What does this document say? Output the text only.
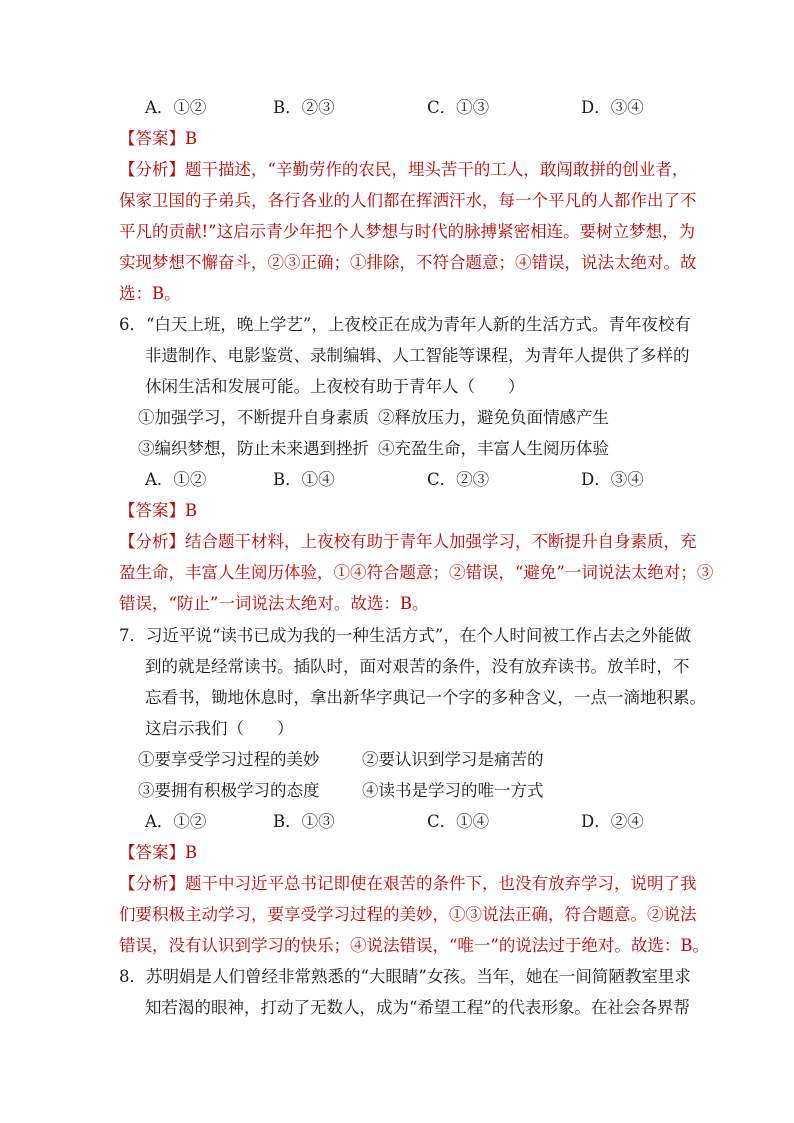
A．①②	B．②③	C．①③	D．③④
【答案】B
【分析】题干描述，“辛勤劳作的农民，埋头苦干的工人，敢闯敢拼的创业者，
保家卫国的子弟兵，各行各业的人们都在挥洒汗水，每一个平凡的人都作出了不
平凡的贡献!”这启示青少年把个人梦想与时代的脉搏紧密相连。要树立梦想，为
实现梦想不懈奋斗，②③正确；①排除，不符合题意；④错误，说法太绝对。故
选：B。
6．“白天上班，晚上学艺”，上夜校正在成为青年人新的生活方式。青年夜校有
非遗制作、电影鉴赏、录制编辑、人工智能等课程，为青年人提供了多样的
休闲生活和发展可能。上夜校有助于青年人（　　）
①加强学习，不断提升自身素质 ②释放压力，避免负面情感产生
③编织梦想，防止未来遇到挫折 ④充盈生命，丰富人生阅历体验
A．①②	B．①④	C．②③	D．③④
【答案】B
【分析】结合题干材料，上夜校有助于青年人加强学习，不断提升自身素质，充
盈生命，丰富人生阅历体验，①④符合题意；②错误，“避免”一词说法太绝对；③
错误，“防止”一词说法太绝对。故选：B。
7．习近平说“读书已成为我的一种生活方式”，在个人时间被工作占去之外能做
到的就是经常读书。插队时，面对艰苦的条件，没有放弃读书。放羊时，不
忘看书，锄地休息时，拿出新华字典记一个字的多种含义，一点一滴地积累。
这启示我们（　　）
①要享受学习过程的美妙	②要认识到学习是痛苦的
③要拥有积极学习的态度	④读书是学习的唯一方式
A．①②	B．①③	C．①④	D．②④
【答案】B
【分析】题干中习近平总书记即使在艰苦的条件下，也没有放弃学习，说明了我
们要积极主动学习，要享受学习过程的美妙，①③说法正确，符合题意。②说法
错误，没有认识到学习的快乐；④说法错误，“唯一”的说法过于绝对。故选：B。
8．苏明娟是人们曾经非常熟悉的“大眼睛”女孩。当年，她在一间简陋教室里求
知若渴的眼神，打动了无数人，成为“希望工程”的代表形象。在社会各界帮
